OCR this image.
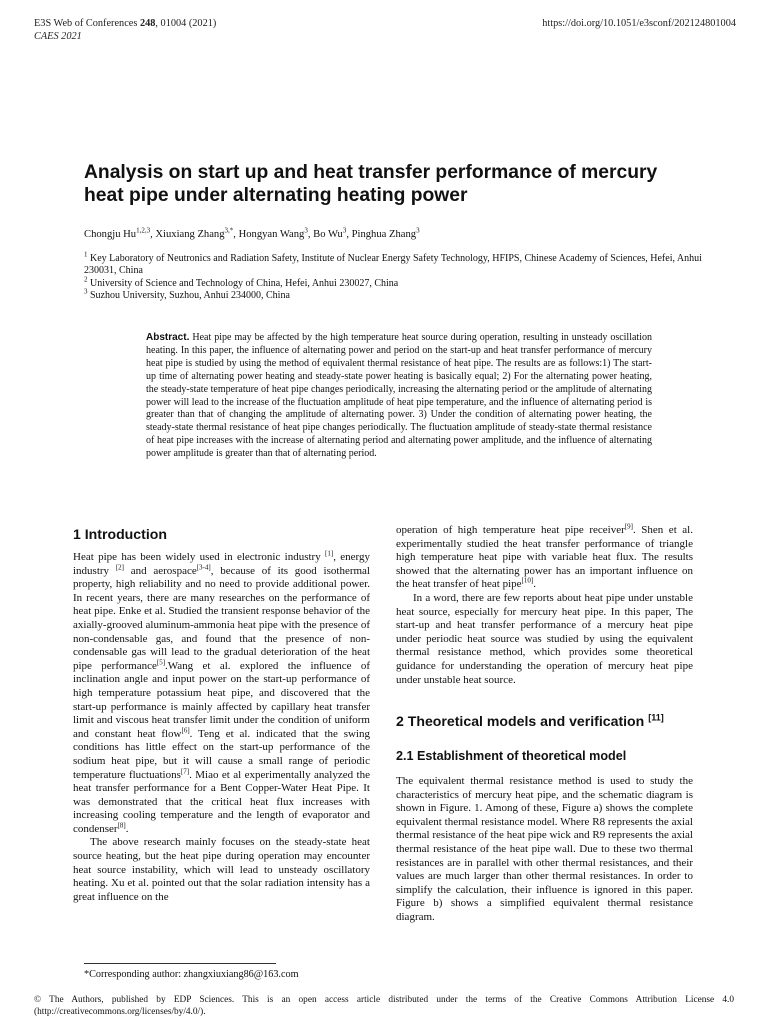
E3S Web of Conferences 248, 01004 (2021)
CAES 2021
https://doi.org/10.1051/e3sconf/202124801004
Analysis on start up and heat transfer performance of mercury
heat pipe under alternating heating power
Chongju Hu$^{1,2,3}$, Xiuxiang Zhang$^{3,*}$, Hongyan Wang$^3$, Bo Wu$^3$, Pinghua Zhang$^3$
$^1$ Key Laboratory of Neutronics and Radiation Safety, Institute of Nuclear Energy Safety Technology, HFIPS, Chinese Academy of Sciences, Hefei, Anhui 230031, China
$^2$ University of Science and Technology of China, Hefei, Anhui 230027, China
$^3$ Suzhou University, Suzhou, Anhui 234000, China
Abstract. Heat pipe may be affected by the high temperature heat source during operation, resulting in unsteady oscillation heating. In this paper, the influence of alternating power and period on the start-up and heat transfer performance of mercury heat pipe is studied by using the method of equivalent thermal resistance of heat pipe. The results are as follows:1) The start-up time of alternating power heating and steady-state power heating is basically equal; 2) For the alternating power heating, the steady-state temperature of heat pipe changes periodically, increasing the alternating period or the amplitude of alternating power will lead to the increase of the fluctuation amplitude of heat pipe temperature, and the influence of alternating period is greater than that of changing the amplitude of alternating power. 3) Under the condition of alternating power heating, the steady-state thermal resistance of heat pipe changes periodically. The fluctuation amplitude of steady-state thermal resistance of heat pipe increases with the increase of alternating period and alternating power amplitude, and the influence of alternating power amplitude is greater than that of alternating period.
1 Introduction

Heat pipe has been widely used in electronic industry [1], energy industry [2] and aerospace[3-4], because of its good isothermal property, high reliability and no need to provide additional power. In recent years, there are many researches on the performance of heat pipe. Enke et al. Studied the transient response behavior of the axially-grooved aluminum-ammonia heat pipe with the presence of non-condensable gas, and found that the presence of non-condensable gas will lead to the gradual deterioration of the heat pipe performance[5].Wang et al. explored the influence of inclination angle and input power on the start-up performance of high temperature potassium heat pipe, and discovered that the start-up performance is mainly affected by capillary heat transfer limit and viscous heat transfer limit under the condition of uniform and constant heat flow[6]. Teng et al. indicated that the swing conditions has little effect on the start-up performance of the sodium heat pipe, but it will cause a small range of periodic temperature fluctuations[7]. Miao et al experimentally analyzed the heat transfer performance for a Bent Copper-Water Heat Pipe. It was demonstrated that the critical heat flux increases with increasing cooling temperature and the length of evaporator and condenser[8].

The above research mainly focuses on the steady-state heat source heating, but the heat pipe during operation may encounter heat source instability, which will lead to unsteady oscillatory heating. Xu et al. pointed out that the solar radiation intensity has a great influence on the

operation of high temperature heat pipe receiver[9]. Shen et al. experimentally studied the heat transfer performance of triangle high temperature heat pipe with variable heat flux. The results showed that the alternating power has an important influence on the heat transfer of heat pipe[10].

In a word, there are few reports about heat pipe under unstable heat source, especially for mercury heat pipe. In this paper, The start-up and heat transfer performance of a mercury heat pipe under periodic heat source was studied by using the equivalent thermal resistance method, which provides some theoretical guidance for understanding the operation of mercury heat pipe under unstable heat source.

2 Theoretical models and verification [11]
2.1 Establishment of theoretical model

The equivalent thermal resistance method is used to study the characteristics of mercury heat pipe, and the schematic diagram is shown in Figure. 1. Among of these, Figure a) shows the complete equivalent thermal resistance model. Where R8 represents the axial thermal resistance of the heat pipe wick and R9 represents the axial thermal resistance of the heat pipe wall. Due to these two thermal resistances are in parallel with other thermal resistances, and their values are much larger than other thermal resistances. In order to simplify the calculation, their influence is ignored in this paper. Figure b) shows a simplified equivalent thermal resistance diagram.

*Corresponding author: zhangxiuxiang86@163.com
© The Authors, published by EDP Sciences. This is an open access article distributed under the terms of the Creative Commons Attribution License 4.0 (http://creativecommons.org/licenses/by/4.0/).
